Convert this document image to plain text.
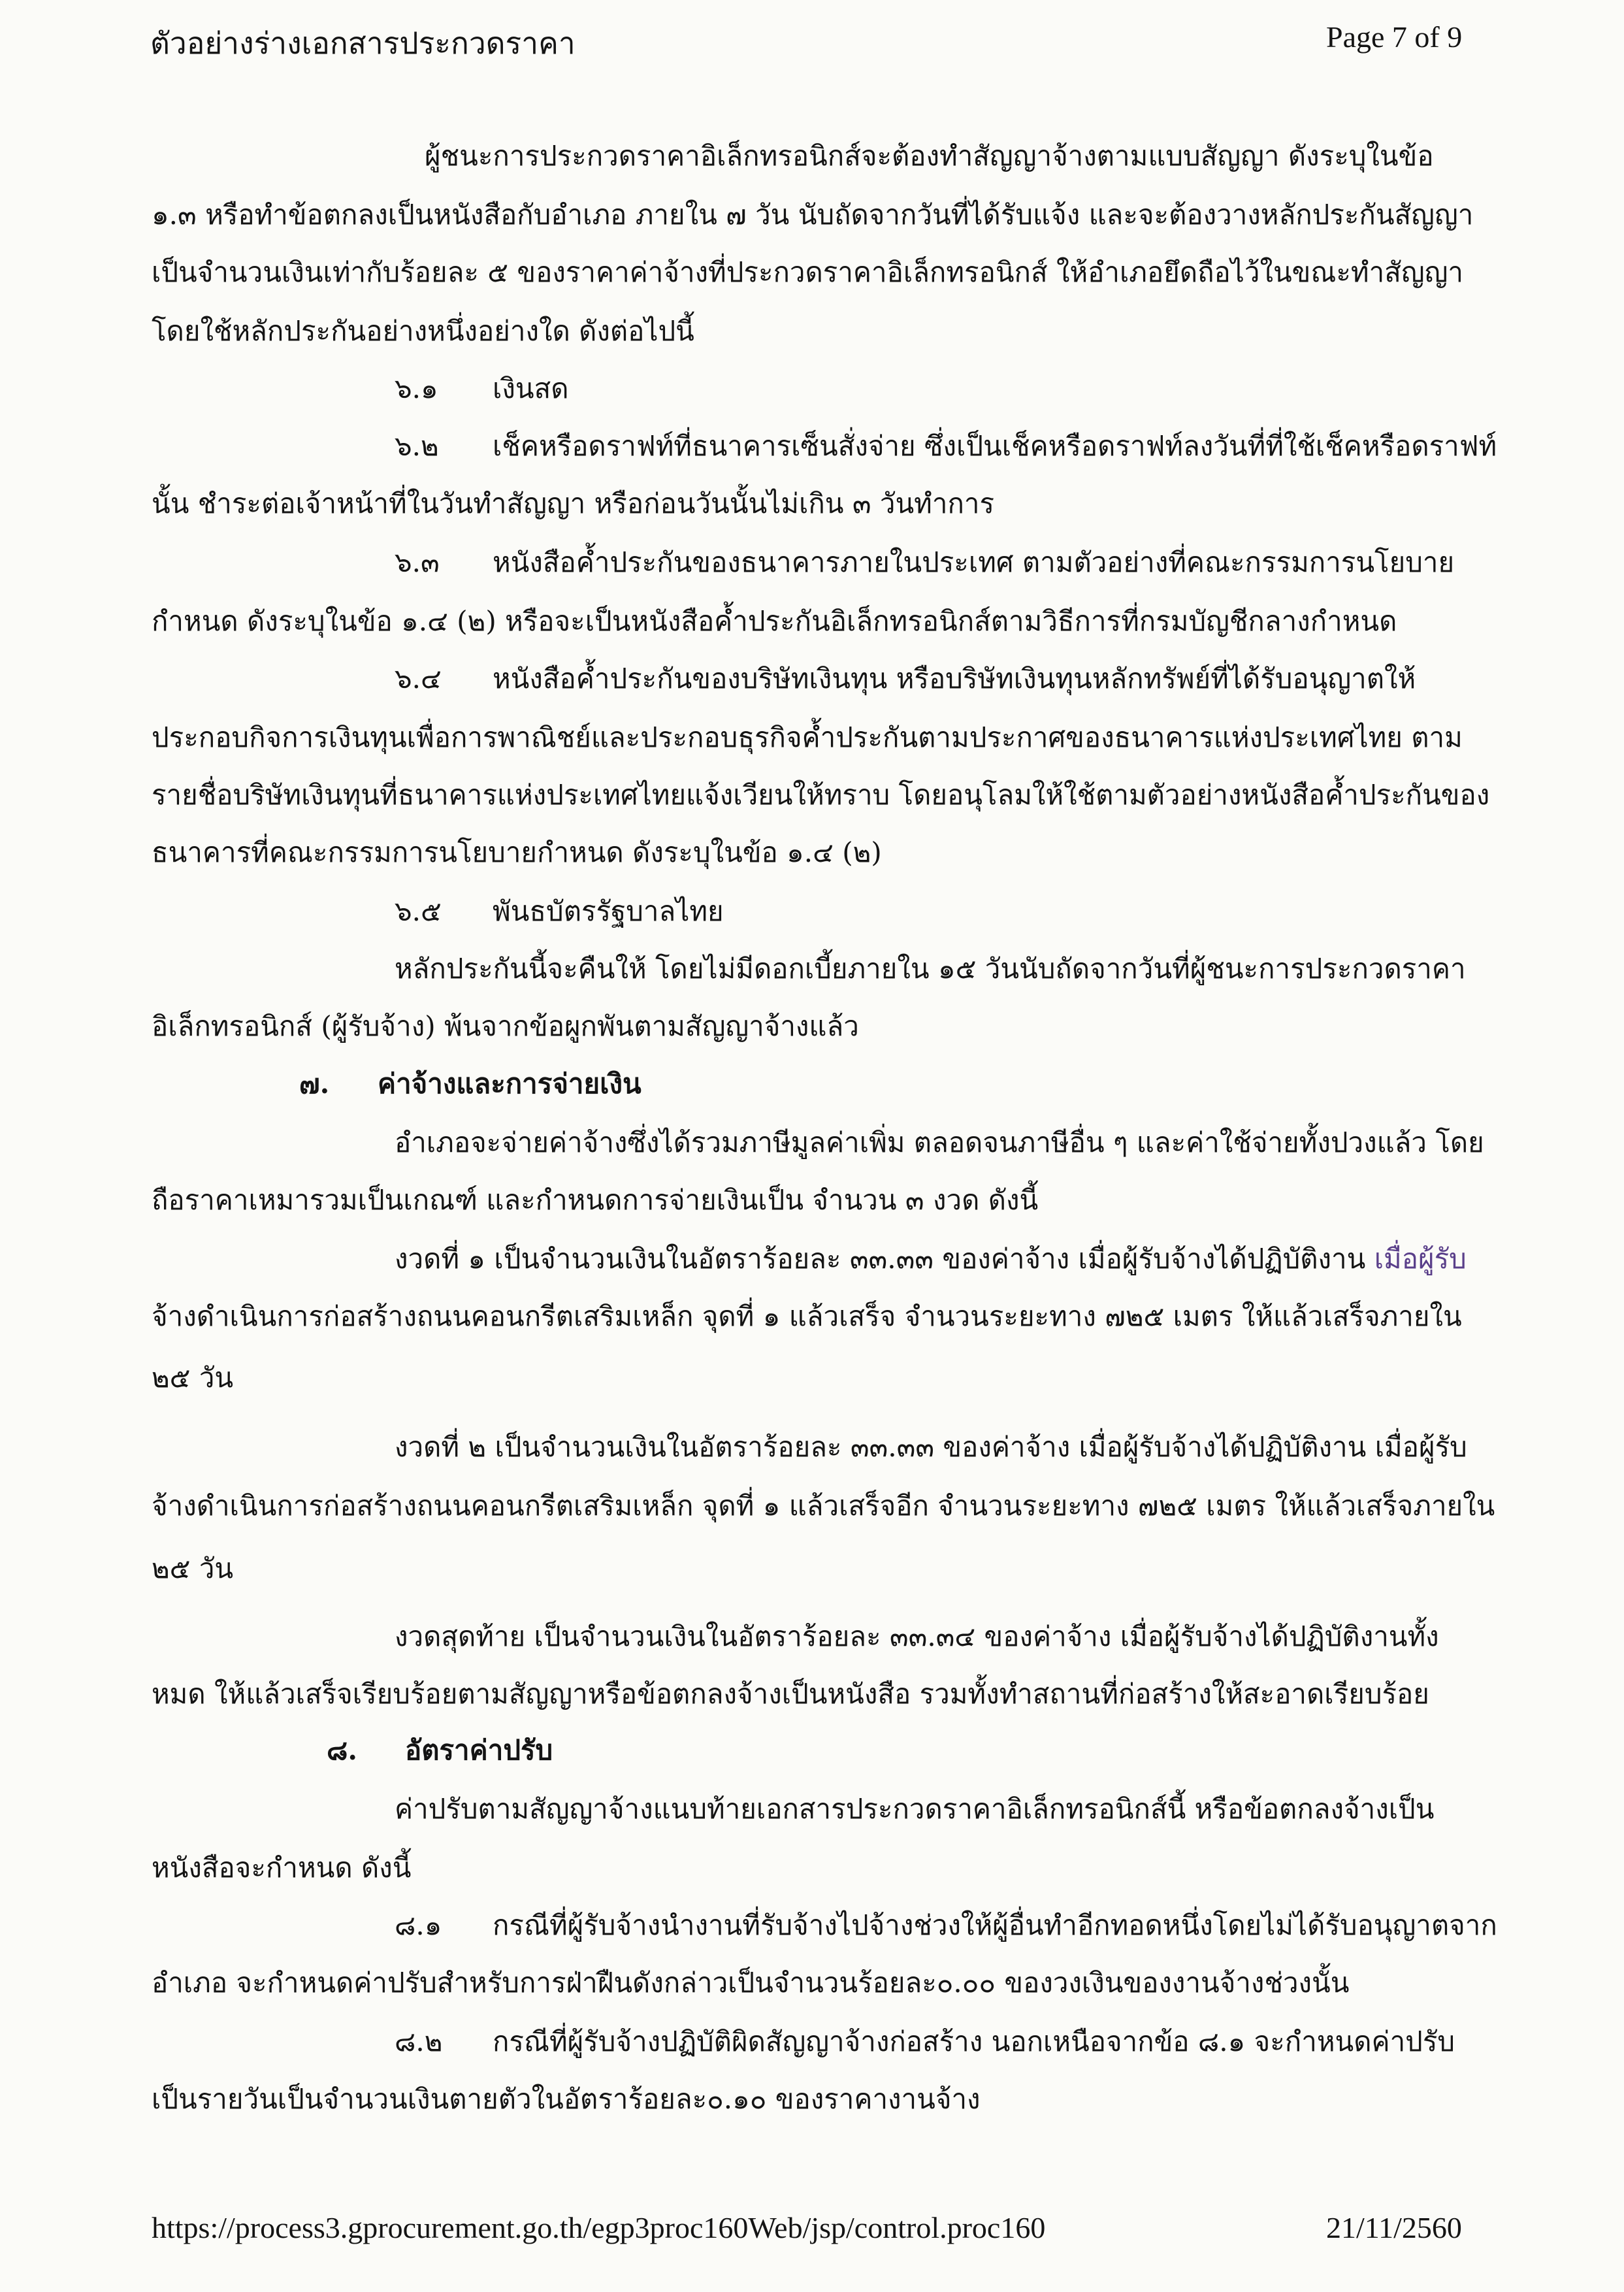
ตัวอย่างร่างเอกสารประกวดราคา	Page 7 of 9
ผู้ชนะการประกวดราคาอิเล็กทรอนิกส์จะต้องทำสัญญาจ้างตามแบบสัญญา ดังระบุในข้อ
๑.๓ หรือทำข้อตกลงเป็นหนังสือกับอำเภอ ภายใน ๗ วัน นับถัดจากวันที่ได้รับแจ้ง และจะต้องวางหลักประกันสัญญา
เป็นจำนวนเงินเท่ากับร้อยละ ๕ ของราคาค่าจ้างที่ประกวดราคาอิเล็กทรอนิกส์ ให้อำเภอยึดถือไว้ในขณะทำสัญญา
โดยใช้หลักประกันอย่างหนึ่งอย่างใด ดังต่อไปนี้
๖.๑ เงินสด
๖.๒ เช็คหรือดราฟท์ที่ธนาคารเซ็นสั่งจ่าย ซึ่งเป็นเช็คหรือดราฟท์ลงวันที่ที่ใช้เช็คหรือดราฟท์
นั้น ชำระต่อเจ้าหน้าที่ในวันทำสัญญา หรือก่อนวันนั้นไม่เกิน ๓ วันทำการ
๖.๓ หนังสือค้ำประกันของธนาคารภายในประเทศ ตามตัวอย่างที่คณะกรรมการนโยบาย
กำหนด ดังระบุในข้อ ๑.๔ (๒) หรือจะเป็นหนังสือค้ำประกันอิเล็กทรอนิกส์ตามวิธีการที่กรมบัญชีกลางกำหนด
๖.๔ หนังสือค้ำประกันของบริษัทเงินทุน หรือบริษัทเงินทุนหลักทรัพย์ที่ได้รับอนุญาตให้
ประกอบกิจการเงินทุนเพื่อการพาณิชย์และประกอบธุรกิจค้ำประกันตามประกาศของธนาคารแห่งประเทศไทย ตาม
รายชื่อบริษัทเงินทุนที่ธนาคารแห่งประเทศไทยแจ้งเวียนให้ทราบ โดยอนุโลมให้ใช้ตามตัวอย่างหนังสือค้ำประกันของ
ธนาคารที่คณะกรรมการนโยบายกำหนด ดังระบุในข้อ ๑.๔ (๒)
๖.๕ พันธบัตรรัฐบาลไทย
หลักประกันนี้จะคืนให้ โดยไม่มีดอกเบี้ยภายใน ๑๕ วันนับถัดจากวันที่ผู้ชนะการประกวดราคา
อิเล็กทรอนิกส์ (ผู้รับจ้าง) พ้นจากข้อผูกพันตามสัญญาจ้างแล้ว
๗. ค่าจ้างและการจ่ายเงิน
อำเภอจะจ่ายค่าจ้างซึ่งได้รวมภาษีมูลค่าเพิ่ม ตลอดจนภาษีอื่น ๆ และค่าใช้จ่ายทั้งปวงแล้ว โดย
ถือราคาเหมารวมเป็นเกณฑ์ และกำหนดการจ่ายเงินเป็น จำนวน ๓ งวด ดังนี้
งวดที่ ๑ เป็นจำนวนเงินในอัตราร้อยละ ๓๓.๓๓ ของค่าจ้าง เมื่อผู้รับจ้างได้ปฏิบัติงาน เมื่อผู้รับ
จ้างดำเนินการก่อสร้างถนนคอนกรีตเสริมเหล็ก จุดที่ ๑ แล้วเสร็จ จำนวนระยะทาง ๗๒๕ เมตร ให้แล้วเสร็จภายใน
๒๕ วัน
งวดที่ ๒ เป็นจำนวนเงินในอัตราร้อยละ ๓๓.๓๓ ของค่าจ้าง เมื่อผู้รับจ้างได้ปฏิบัติงาน เมื่อผู้รับ
จ้างดำเนินการก่อสร้างถนนคอนกรีตเสริมเหล็ก จุดที่ ๑ แล้วเสร็จอีก จำนวนระยะทาง ๗๒๕ เมตร ให้แล้วเสร็จภายใน
๒๕ วัน
งวดสุดท้าย เป็นจำนวนเงินในอัตราร้อยละ ๓๓.๓๔ ของค่าจ้าง เมื่อผู้รับจ้างได้ปฏิบัติงานทั้ง
หมด ให้แล้วเสร็จเรียบร้อยตามสัญญาหรือข้อตกลงจ้างเป็นหนังสือ รวมทั้งทำสถานที่ก่อสร้างให้สะอาดเรียบร้อย
๘. อัตราค่าปรับ
ค่าปรับตามสัญญาจ้างแนบท้ายเอกสารประกวดราคาอิเล็กทรอนิกส์นี้ หรือข้อตกลงจ้างเป็น
หนังสือจะกำหนด ดังนี้
๘.๑ กรณีที่ผู้รับจ้างนำงานที่รับจ้างไปจ้างช่วงให้ผู้อื่นทำอีกทอดหนึ่งโดยไม่ได้รับอนุญาตจาก
อำเภอ จะกำหนดค่าปรับสำหรับการฝ่าฝืนดังกล่าวเป็นจำนวนร้อยละ๐.๐๐ ของวงเงินของงานจ้างช่วงนั้น
๘.๒ กรณีที่ผู้รับจ้างปฏิบัติผิดสัญญาจ้างก่อสร้าง นอกเหนือจากข้อ ๘.๑ จะกำหนดค่าปรับ
เป็นรายวันเป็นจำนวนเงินตายตัวในอัตราร้อยละ๐.๑๐ ของราคางานจ้าง
https://process3.gprocurement.go.th/egp3proc160Web/jsp/control.proc160	21/11/2560
